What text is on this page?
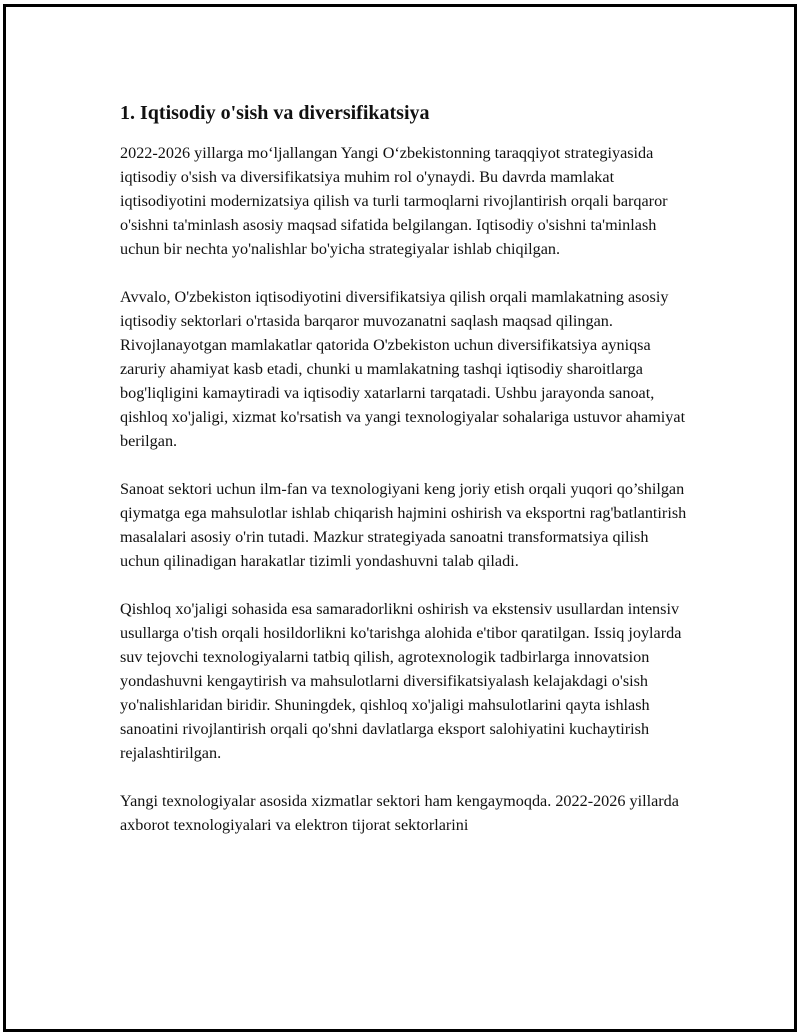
1. Iqtisodiy o'sish va diversifikatsiya

2022-2026 yillarga moʻljallangan Yangi Oʻzbekistonning taraqqiyot strategiyasida iqtisodiy o'sish va diversifikatsiya muhim rol o'ynaydi. Bu davrda mamlakat iqtisodiyotini modernizatsiya qilish va turli tarmoqlarni rivojlantirish orqali barqaror o'sishni ta'minlash asosiy maqsad sifatida belgilangan. Iqtisodiy o'sishni ta'minlash uchun bir nechta yo'nalishlar bo'yicha strategiyalar ishlab chiqilgan.

Avvalo, O'zbekiston iqtisodiyotini diversifikatsiya qilish orqali mamlakatning asosiy iqtisodiy sektorlari o'rtasida barqaror muvozanatni saqlash maqsad qilingan. Rivojlanayotgan mamlakatlar qatorida O'zbekiston uchun diversifikatsiya ayniqsa zaruriy ahamiyat kasb etadi, chunki u mamlakatning tashqi iqtisodiy sharoitlarga bog'liqligini kamaytiradi va iqtisodiy xatarlarni tarqatadi. Ushbu jarayonda sanoat, qishloq xo'jaligi, xizmat ko'rsatish va yangi texnologiyalar sohalariga ustuvor ahamiyat berilgan.

Sanoat sektori uchun ilm-fan va texnologiyani keng joriy etish orqali yuqori qo’shilgan qiymatga ega mahsulotlar ishlab chiqarish hajmini oshirish va eksportni rag'batlantirish masalalari asosiy o'rin tutadi. Mazkur strategiyada sanoatni transformatsiya qilish uchun qilinadigan harakatlar tizimli yondashuvni talab qiladi.

Qishloq xo'jaligi sohasida esa samaradorlikni oshirish va ekstensiv usullardan intensiv usullarga o'tish orqali hosildorlikni ko'tarishga alohida e'tibor qaratilgan. Issiq joylarda suv tejovchi texnologiyalarni tatbiq qilish, agrotexnologik tadbirlarga innovatsion yondashuvni kengaytirish va mahsulotlarni diversifikatsiyalash kelajakdagi o'sish yo'nalishlaridan biridir. Shuningdek, qishloq xo'jaligi mahsulotlarini qayta ishlash sanoatini rivojlantirish orqali qo'shni davlatlarga eksport salohiyatini kuchaytirish rejalashtirilgan.

Yangi texnologiyalar asosida xizmatlar sektori ham kengaymoqda. 2022-2026 yillarda axborot texnologiyalari va elektron tijorat sektorlarini
